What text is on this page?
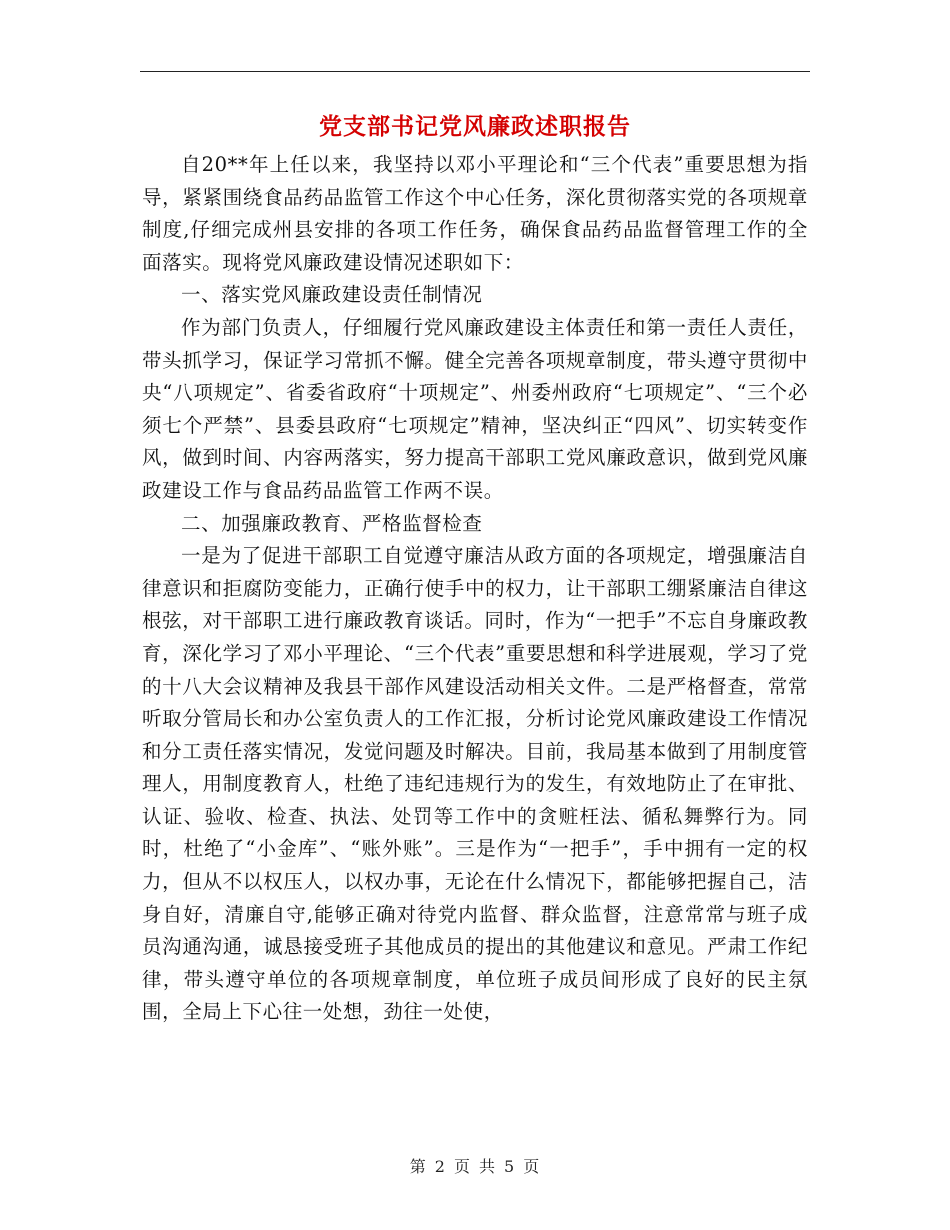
党支部书记党风廉政述职报告

自20**年上任以来，我坚持以邓小平理论和“三个代表”重要思想为指导，紧紧围绕食品药品监管工作这个中心任务，深化贯彻落实党的各项规章制度,仔细完成州县安排的各项工作任务，确保食品药品监督管理工作的全面落实。现将党风廉政建设情况述职如下：

一、落实党风廉政建设责任制情况

作为部门负责人，仔细履行党风廉政建设主体责任和第一责任人责任，带头抓学习，保证学习常抓不懈。健全完善各项规章制度，带头遵守贯彻中央“八项规定”、省委省政府“十项规定”、州委州政府“七项规定”、“三个必须七个严禁”、县委县政府“七项规定”精神，坚决纠正“四风”、切实转变作风，做到时间、内容两落实，努力提高干部职工党风廉政意识，做到党风廉政建设工作与食品药品监管工作两不误。

二、加强廉政教育、严格监督检查

一是为了促进干部职工自觉遵守廉洁从政方面的各项规定，增强廉洁自律意识和拒腐防变能力，正确行使手中的权力，让干部职工绷紧廉洁自律这根弦，对干部职工进行廉政教育谈话。同时，作为“一把手”不忘自身廉政教育，深化学习了邓小平理论、“三个代表”重要思想和科学进展观，学习了党的十八大会议精神及我县干部作风建设活动相关文件。二是严格督查，常常听取分管局长和办公室负责人的工作汇报，分析讨论党风廉政建设工作情况和分工责任落实情况，发觉问题及时解决。目前，我局基本做到了用制度管理人，用制度教育人，杜绝了违纪违规行为的发生，有效地防止了在审批、认证、验收、检查、执法、处罚等工作中的贪赃枉法、循私舞弊行为。同时，杜绝了“小金库”、“账外账”。三是作为“一把手”，手中拥有一定的权力，但从不以权压人，以权办事，无论在什么情况下，都能够把握自己，洁身自好，清廉自守,能够正确对待党内监督、群众监督，注意常常与班子成员沟通沟通，诚恳接受班子其他成员的提出的其他建议和意见。严肃工作纪律，带头遵守单位的各项规章制度，单位班子成员间形成了良好的民主氛围，全局上下心往一处想，劲往一处使，

第 2 页 共 5 页
